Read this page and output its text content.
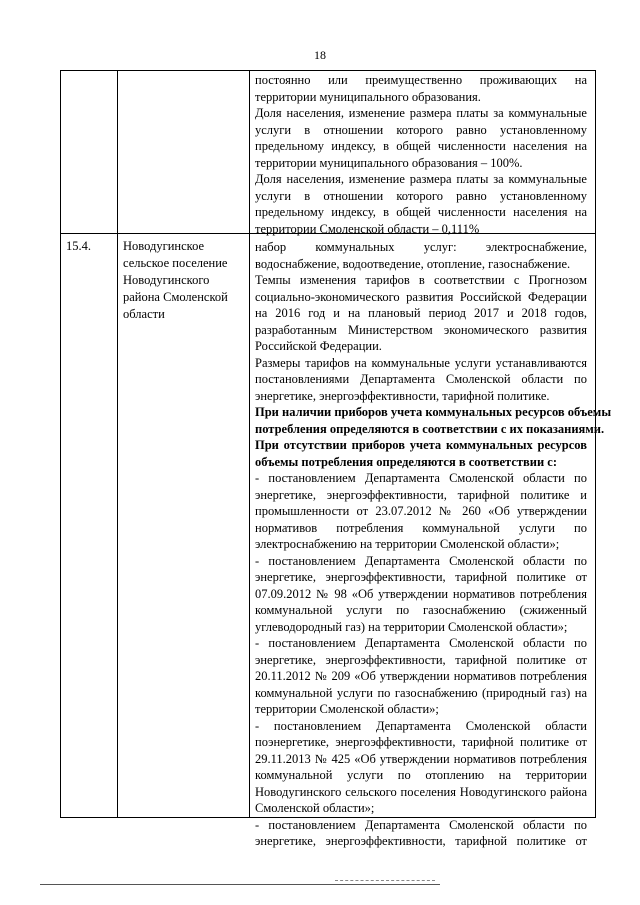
18
постоянно или преимущественно проживающих на
территории муниципального образования.
Доля населения, изменение размера платы за коммунальные
услуги в отношении которого равно установленному
предельному индексу, в общей численности населения на
территории муниципального образования – 100%.
Доля населения, изменение размера платы за коммунальные
услуги в отношении которого равно установленному
предельному индексу, в общей численности населения на
территории Смоленской области – 0,111%
15.4.	Новодугинское
сельское поселение
Новодугинского
района Смоленской
области
набор коммунальных услуг: электроснабжение,
водоснабжение, водоотведение, отопление, газоснабжение.
Темпы изменения тарифов в соответствии с Прогнозом
социально-экономического развития Российской Федерации
на 2016 год и на плановый период 2017 и 2018 годов,
разработанным Министерством экономического развития
Российской Федерации.
Размеры тарифов на коммунальные услуги устанавливаются
постановлениями Департамента Смоленской области по
энергетике, энергоэффективности, тарифной политике.
При наличии приборов учета коммунальных ресурсов объемы
потребления определяются в соответствии с их показаниями.
При отсутствии приборов учета коммунальных ресурсов
объемы потребления определяются в соответствии с:
- постановлением Департамента Смоленской области по
энергетике, энергоэффективности, тарифной политике и
промышленности от 23.07.2012 № 260 «Об утверждении
нормативов потребления коммунальной услуги по
электроснабжению на территории Смоленской области»;
- постановлением Департамента Смоленской области по
энергетике, энергоэффективности, тарифной политике от
07.09.2012 № 98 «Об утверждении нормативов потребления
коммунальной услуги по газоснабжению (сжиженный
углеводородный газ) на территории Смоленской области»;
- постановлением Департамента Смоленской области по
энергетике, энергоэффективности, тарифной политике от
20.11.2012 № 209 «Об утверждении нормативов потребления
коммунальной услуги по газоснабжению (природный газ) на
территории Смоленской области»;
- постановлением Департамента Смоленской области
поэнергетике, энергоэффективности, тарифной политике от
29.11.2013 № 425 «Об утверждении нормативов потребления
коммунальной услуги по отоплению на территории
Новодугинского сельского поселения Новодугинского района
Смоленской области»;
- постановлением Департамента Смоленской области по
энергетике, энергоэффективности, тарифной политике от
